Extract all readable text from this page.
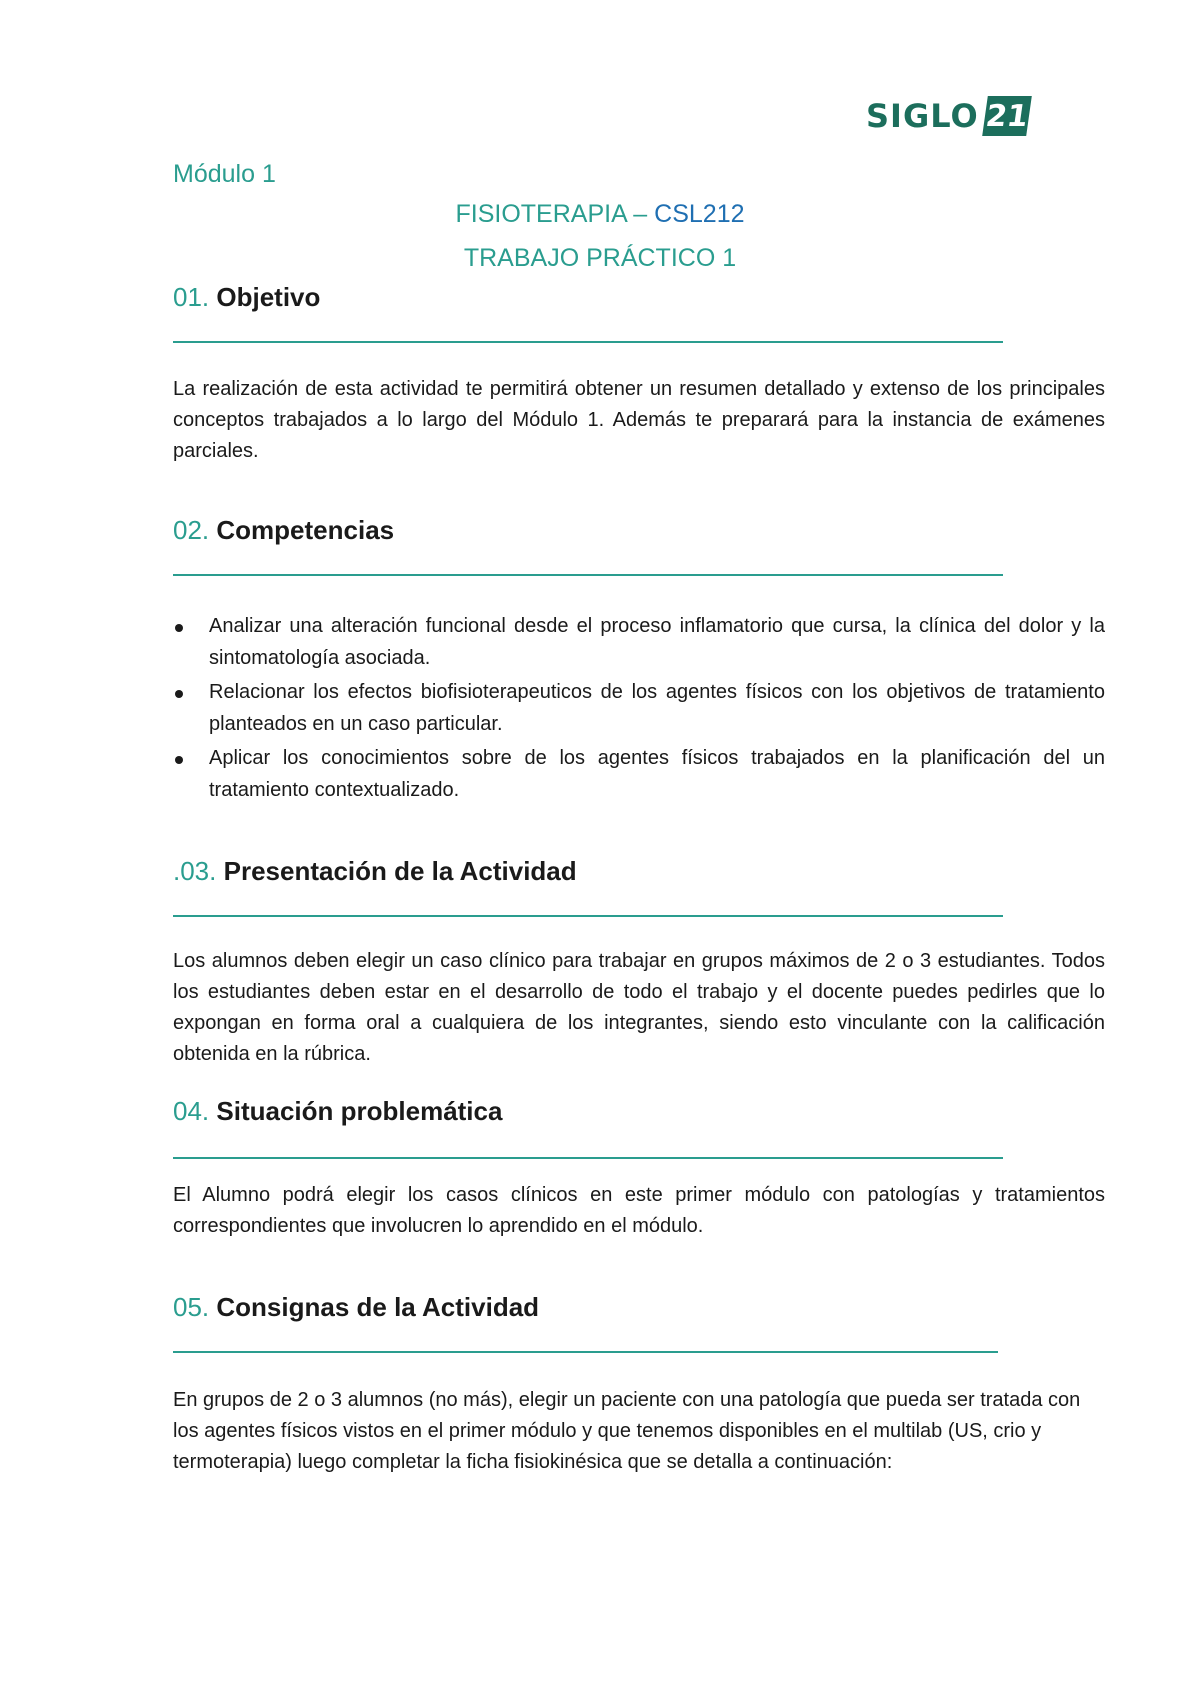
SIGLO 21
Módulo 1
FISIOTERAPIA – CSL212
TRABAJO PRÁCTICO 1
01. Objetivo
La realización de esta actividad te permitirá obtener un resumen detallado y extenso de los principales conceptos trabajados a lo largo del Módulo 1. Además te preparará para la instancia de exámenes parciales.
02. Competencias
Analizar una alteración funcional desde el proceso inflamatorio que cursa, la clínica del dolor y la sintomatología asociada.
Relacionar los efectos biofisioterapeuticos de los agentes físicos con los objetivos de tratamiento planteados en un caso particular.
Aplicar los conocimientos sobre de los agentes físicos trabajados en la planificación del un tratamiento contextualizado.
.03. Presentación de la Actividad
Los alumnos deben elegir un caso clínico para trabajar en grupos máximos de 2 o 3 estudiantes. Todos los estudiantes deben estar en el desarrollo de todo el trabajo y el docente puedes pedirles que lo expongan en forma oral a cualquiera de los integrantes, siendo esto vinculante con la calificación obtenida en la rúbrica.
04. Situación problemática
El Alumno podrá elegir los casos clínicos en este primer módulo con patologías y tratamientos correspondientes que involucren lo aprendido en el módulo.
05. Consignas de la Actividad
En grupos de 2 o 3 alumnos (no más), elegir un paciente con una patología que pueda ser tratada con los agentes físicos vistos en el primer módulo y que tenemos disponibles en el multilab (US, crio y termoterapia) luego completar la ficha fisiokinésica que se detalla a continuación:
